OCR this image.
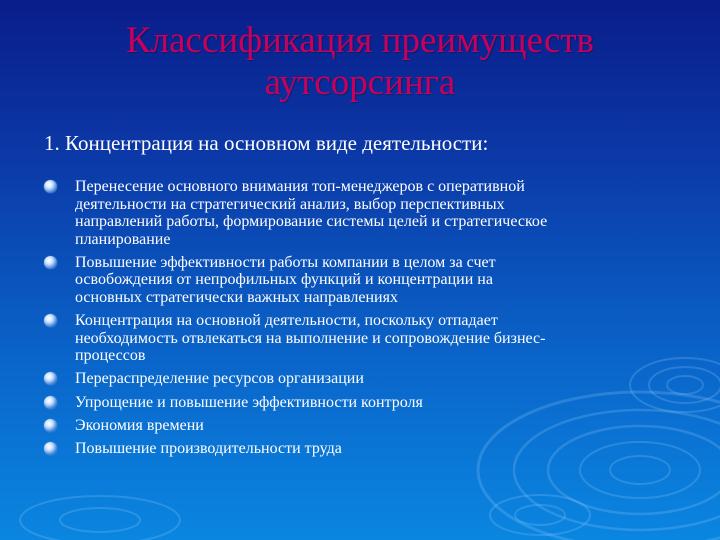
Классификация преимуществ
аутсорсинга
1. Концентрация на основном виде деятельности:
Перенесение основного внимания топ-менеджеров с оперативной
деятельности на стратегический анализ, выбор перспективных
направлений работы, формирование системы целей и стратегическое
планирование
Повышение эффективности работы компании в целом за счет
освобождения от непрофильных функций и концентрации на
основных стратегически важных направлениях
Концентрация на основной деятельности, поскольку отпадает
необходимость отвлекаться на выполнение и сопровождение бизнес-
процессов
Перераспределение ресурсов организации
Упрощение и повышение эффективности контроля
Экономия времени
Повышение производительности труда
